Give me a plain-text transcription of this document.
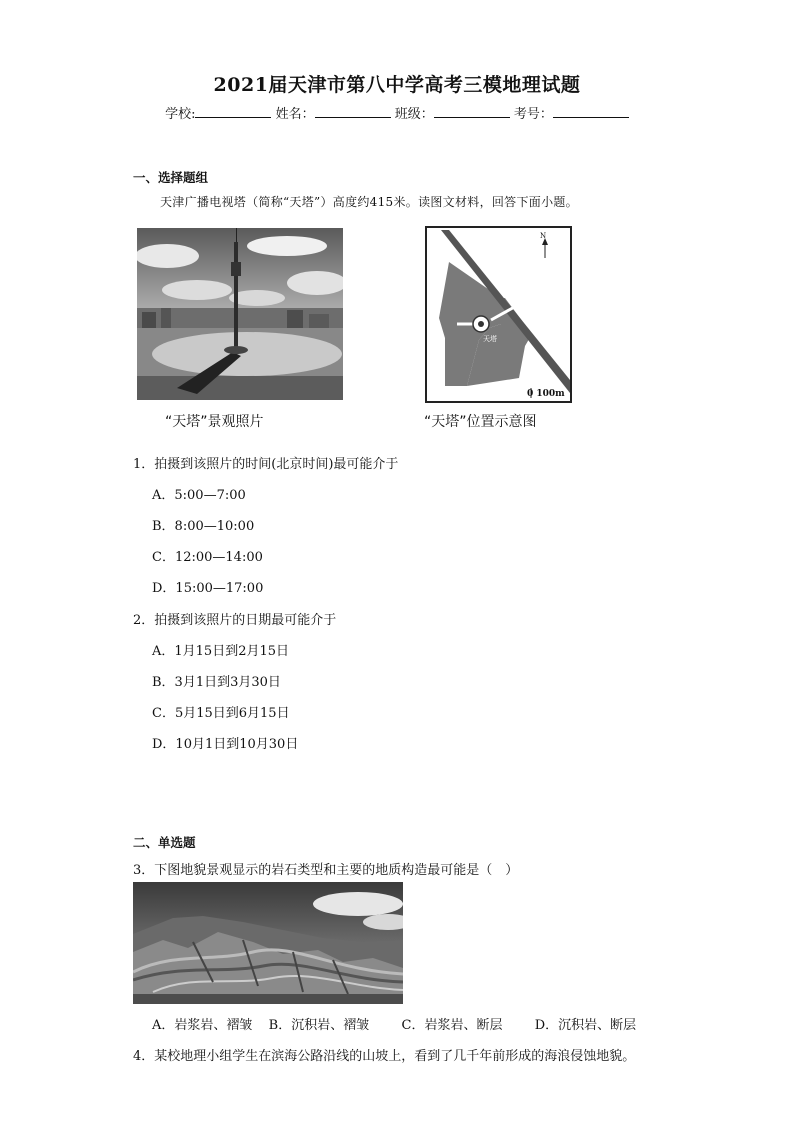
2021届天津市第八中学高考三模地理试题
学校:	姓名：	班级：	考号：
一、选择题组
天津广播电视塔（简称“天塔”）高度约415米。读图文材料，回答下面小题。
“天塔”景观照片
N
天塔
0 100m
“天塔”位置示意图
1．拍摄到该照片的时间(北京时间)最可能介于
A．5:00—7:00
B．8:00—10:00
C．12:00—14:00
D．15:00—17:00
2．拍摄到该照片的日期最可能介于
A．1月15日到2月15日
B．3月1日到3月30日
C．5月15日到6月15日
D．10月1日到10月30日
二、单选题
3．下图地貌景观显示的岩石类型和主要的地质构造最可能是（　）
A．岩浆岩、褶皱 B．沉积岩、褶皱 C．岩浆岩、断层 D．沉积岩、断层
4．某校地理小组学生在滨海公路沿线的山坡上，看到了几千年前形成的海浪侵蚀地貌。
